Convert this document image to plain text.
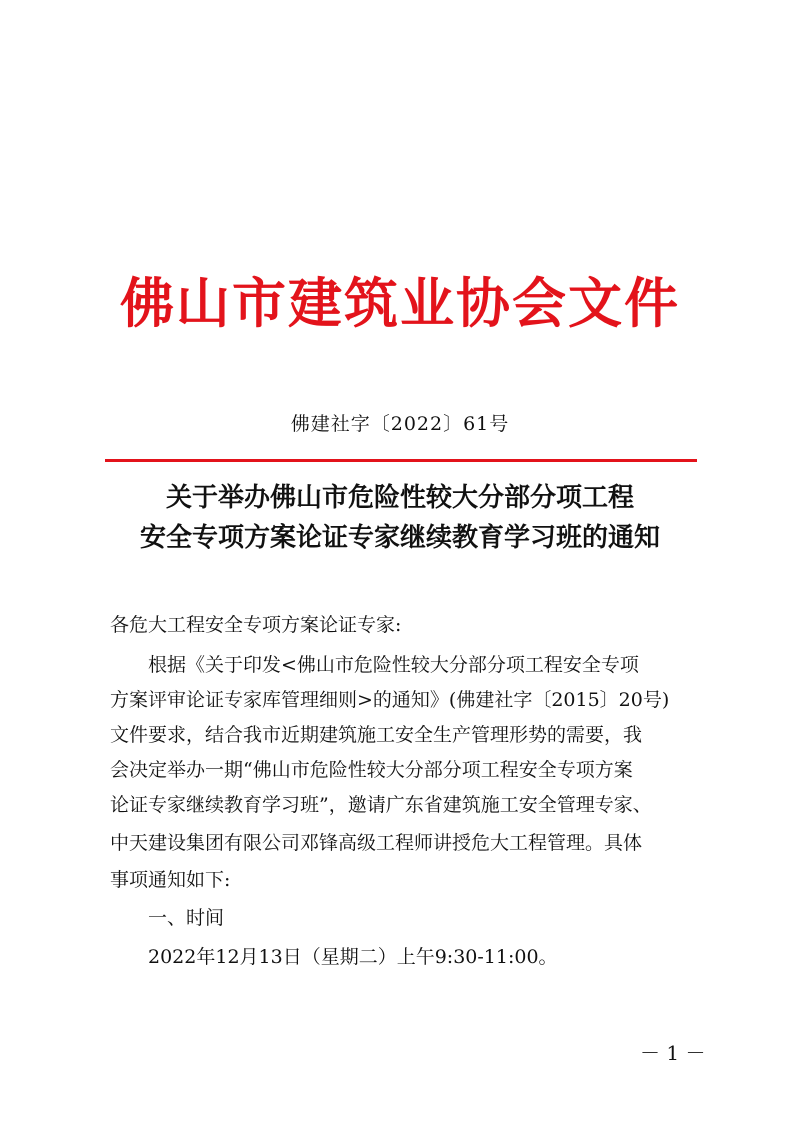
佛山市建筑业协会文件
佛建社字〔2022〕61号
关于举办佛山市危险性较大分部分项工程
安全专项方案论证专家继续教育学习班的通知
各危大工程安全专项方案论证专家:
　　根据《关于印发<佛山市危险性较大分部分项工程安全专项
方案评审论证专家库管理细则>的通知》(佛建社字〔2015〕20号)
文件要求，结合我市近期建筑施工安全生产管理形势的需要，我
会决定举办一期“佛山市危险性较大分部分项工程安全专项方案
论证专家继续教育学习班”，邀请广东省建筑施工安全管理专家、
中天建设集团有限公司邓锋高级工程师讲授危大工程管理。具体
事项通知如下:
　　一、时间
　　2022年12月13日（星期二）上午9:30-11:00。
－ 1 －
